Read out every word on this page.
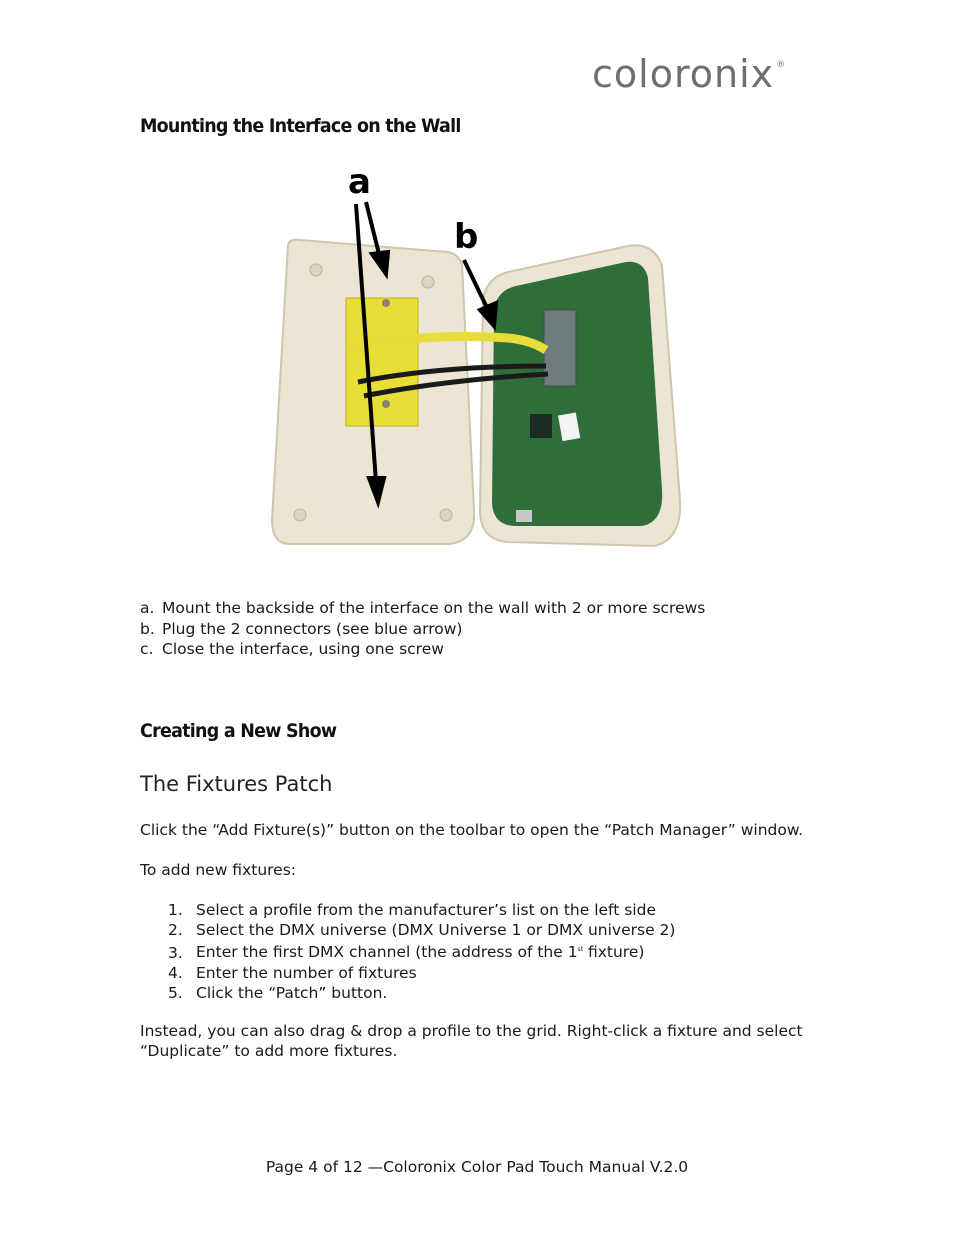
coloronix ®
Mounting the Interface on the Wall
a
b
a. Mount the backside of the interface on the wall with 2 or more screws
b. Plug the 2 connectors (see blue arrow)
c. Close the interface, using one screw
Creating a New Show
The Fixtures Patch

Click the “Add Fixture(s)” button on the toolbar to open the “Patch Manager” window.

To add new fixtures:

1. Select a profile from the manufacturer’s list on the left side
2. Select the DMX universe (DMX Universe 1 or DMX universe 2)
3. Enter the first DMX channel (the address of the 1st fixture)
4. Enter the number of fixtures
5. Click the “Patch” button.

Instead, you can also drag & drop a profile to the grid. Right-click a fixture and select

“Duplicate” to add more fixtures.

Page 4 of 12 —Coloronix Color Pad Touch Manual V.2.0
